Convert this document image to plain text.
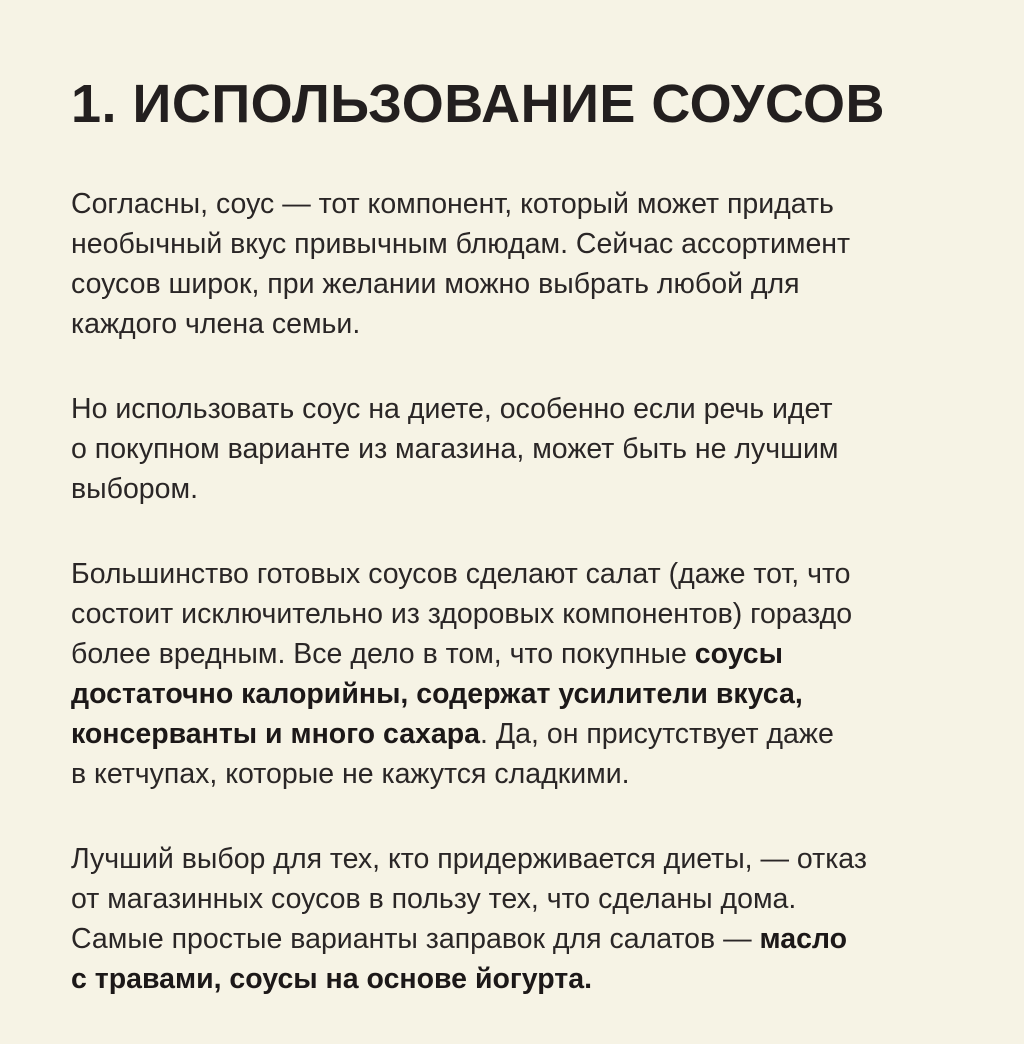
1. ИСПОЛЬЗОВАНИЕ СОУСОВ

Согласны, соус — тот компонент, который может придать
необычный вкус привычным блюдам. Сейчас ассортимент
соусов широк, при желании можно выбрать любой для
каждого члена семьи.

Но использовать соус на диете, особенно если речь идет
о покупном варианте из магазина, может быть не лучшим
выбором.

Большинство готовых соусов сделают салат (даже тот, что
состоит исключительно из здоровых компонентов) гораздо
более вредным. Все дело в том, что покупные соусы
достаточно калорийны, содержат усилители вкуса,
консерванты и много сахара. Да, он присутствует даже
в кетчупах, которые не кажутся сладкими.

Лучший выбор для тех, кто придерживается диеты, — отказ
от магазинных соусов в пользу тех, что сделаны дома.
Самые простые варианты заправок для салатов — масло
с травами, соусы на основе йогурта.
